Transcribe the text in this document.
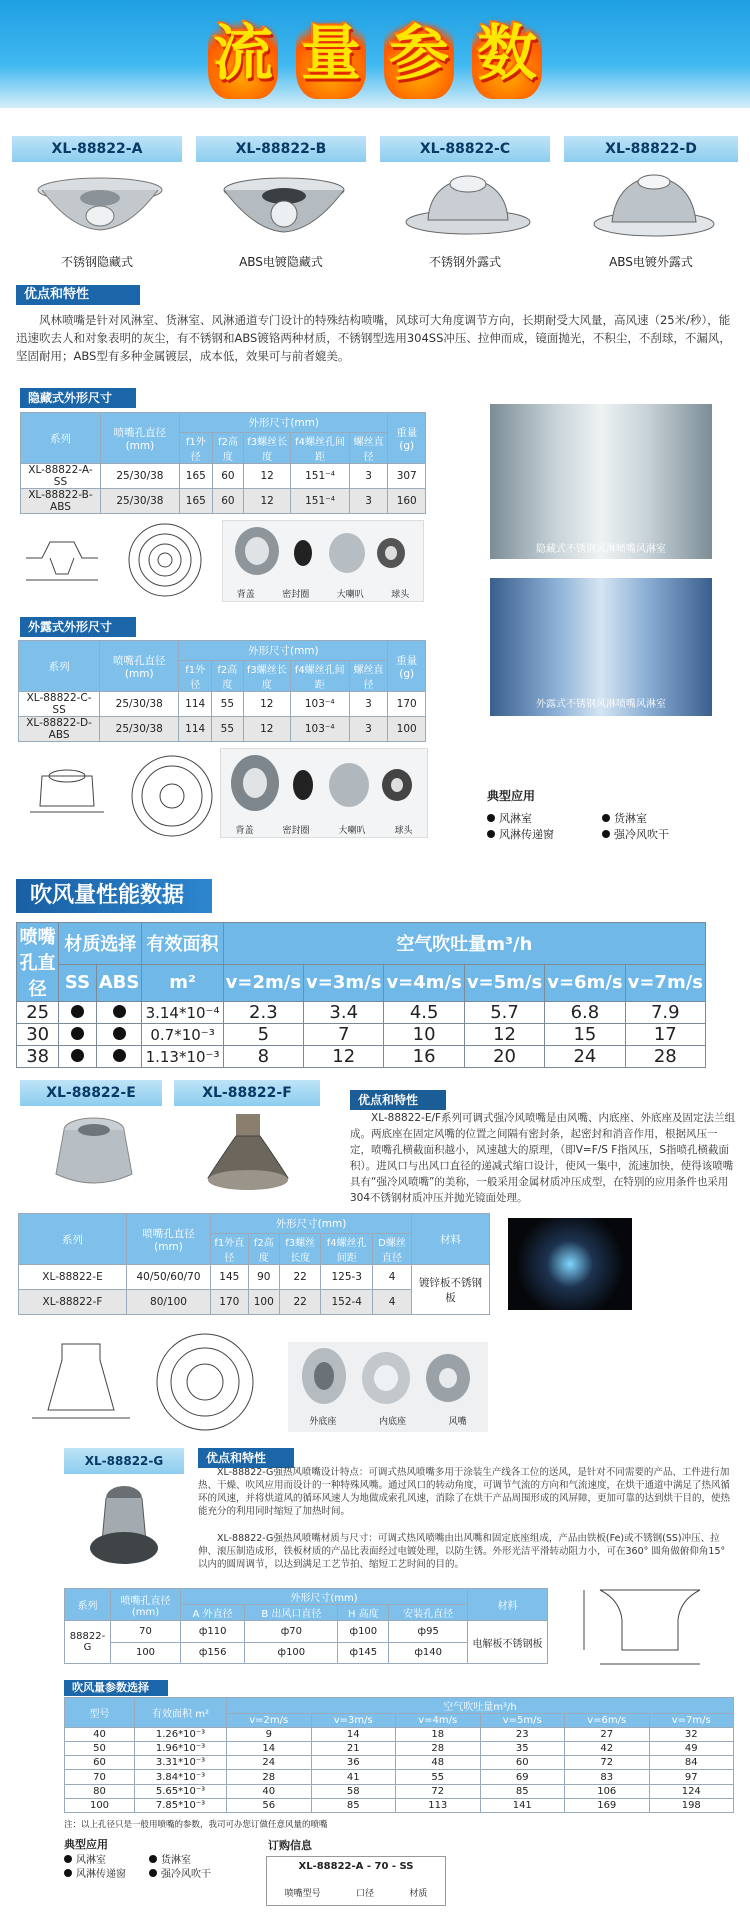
流 量 参 数
XL-88822-A	XL-88822-B	XL-88822-C	XL-88822-D
不锈钢隐藏式	ABS电镀隐藏式	不锈钢外露式	ABS电镀外露式
优点和特性
风林喷嘴是针对风淋室、货淋室、风淋通道专门设计的特殊结构喷嘴，风球可大角度调节方向，长期耐受大风量，高风速（25米/秒），能迅速吹去人和对象表明的灰尘，有不锈钢和ABS镀铬两种材质，不锈钢型选用304SS冲压、拉伸而成，镜面抛光，不积尘，不刮球，不漏风，坚固耐用；ABS型有多种金属镀层，成本低，效果可与前者媲美。
隐藏式外形尺寸
系列	喷嘴孔直径(mm)	外形尺寸(mm)					重量(g)
		f1外径	f2高度	f3螺丝长度	f4螺丝孔间距	螺丝直径	
XL-88822-A-SS	25/30/38	165	60	12	151⁻⁴	3	307
XL-88822-B-ABS	25/30/38	165	60	12	151⁻⁴	3	160
背盖	密封圈	大喇叭	球头
隐藏式不锈钢风淋喷嘴风淋室
外露式外形尺寸
系列	喷嘴孔直径(mm)	外形尺寸(mm)					重量(g)
		f1外径	f2高度	f3螺丝长度	f4螺丝孔间距	螺丝直径	
XL-88822-C-SS	25/30/38	114	55	12	103⁻⁴	3	170
XL-88822-D-ABS	25/30/38	114	55	12	103⁻⁴	3	100
背盖	密封圈	大喇叭	球头
外露式不锈钢风淋喷嘴风淋室
典型应用
风淋室	货淋室
风淋传递窗	强冷风吹干
吹风量性能数据
喷嘴孔直径	材质选择		有效面积	空气吹吐量m³/h					
	SS	ABS	m²	v=2m/s	v=3m/s	v=4m/s	v=5m/s	v=6m/s	v=7m/s
25			3.14*10⁻⁴	2.3	3.4	4.5	5.7	6.8	7.9
30			0.7*10⁻³	5	7	10	12	15	17
38			1.13*10⁻³	8	12	16	20	24	28
XL-88822-E	XL-88822-F	优点和特性
XL-88822-E/F系列可调式强冷风喷嘴是由风嘴、内底座、外底座及固定法兰组成。两底座在固定风嘴的位置之间隔有密封条，起密封和消音作用，根据风压一定，喷嘴孔横截面积越小，风速越大的原理，（即V=F/S F指风压，S指喷孔横截面积）。进风口与出风口直径的递减式缩口设计，使风一集中，流速加快，使得该喷嘴具有“强冷风喷嘴”的美称，一般采用金属材质冲压成型，在特别的应用条件也采用304不锈钢材质冲压并抛光镜面处理。
系列	喷嘴孔直径(mm)	外形尺寸(mm)					材料
		f1外直径	f2高度	f3螺丝长度	f4螺丝孔间距	D螺丝直径	
XL-88822-E	40/50/60/70	145	90	22	125-3	4	镀锌板不锈钢板
XL-88822-F	80/100	170	100	22	152-4	4	
外底座	内底座	风嘴
XL-88822-G	优点和特性
XL-88822-G强热风喷嘴设计特点：可调式热风喷嘴多用于涂装生产线各工位的送风，是针对不同需要的产品、工件进行加热、干燥、吹风应用而设计的一种特殊风嘴。通过风口的转动角度，可调节气流的方向和气流速度，在烘干通道中满足了热风循环的风速，并将烘道风的循环风速人为地做成索孔风速，消除了在烘干产品周围形成的风屏障，更加可靠的达到烘干目的，使热能充分的利用同时缩短了加热时间。
XL-88822-G强热风喷嘴材质与尺寸：可调式热风喷嘴由出风嘴和固定底座组成，产品由铁板(Fe)或不锈钢(SS)冲压、拉伸、滚压制造成形，铁板材质的产品比表面经过电镀处理，以防生锈。外形光洁平滑转动阻力小，可在360° 圆角做俯仰角15° 以内的圆周调节，以达到满足工艺节拍、缩短工艺时间的目的。
系列	喷嘴孔直径(mm)	外形尺寸(mm)				材料
		A 外直径	B 出风口直径	H 高度	安装孔直径	
88822-G	70	ф110	ф70	ф100	ф95	电解板不锈钢板
	100	ф156	ф100	ф145	ф140	
吹风量参数选择
型号	有效面积 m²	空气吹吐量m³/h					
		v=2m/s	v=3m/s	v=4m/s	v=5m/s	v=6m/s	v=7m/s
40	1.26*10⁻³	9	14	18	23	27	32
50	1.96*10⁻³	14	21	28	35	42	49
60	3.31*10⁻³	24	36	48	60	72	84
70	3.84*10⁻³	28	41	55	69	83	97
80	5.65*10⁻³	40	58	72	85	106	124
100	7.85*10⁻³	56	85	113	141	169	198
注：以上孔径只是一般用喷嘴的参数，我司可办您订做任意风量的喷嘴
典型应用
风淋室	货淋室
风淋传递窗	强冷风吹干
订购信息
XL-88822-A - 70 - SS
喷嘴型号	口径	材质
